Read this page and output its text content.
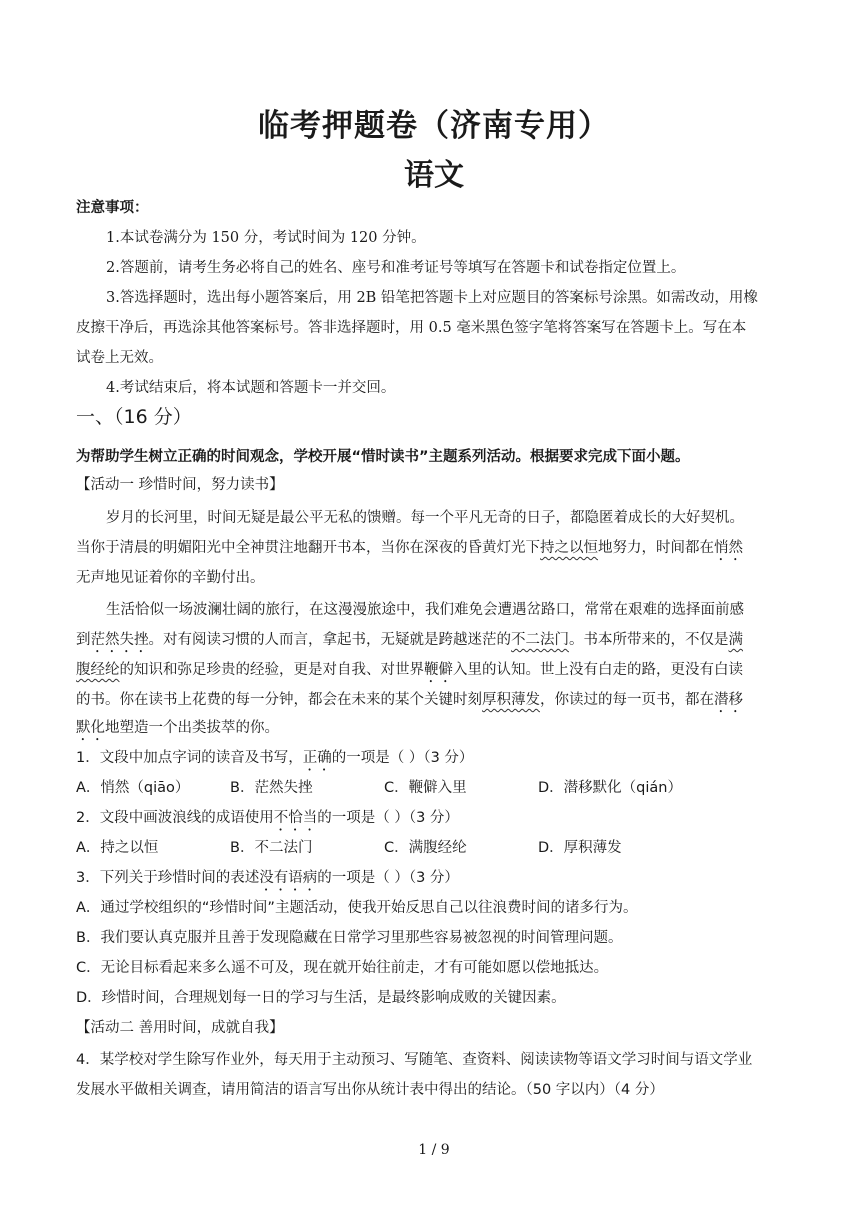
临考押题卷（济南专用）
语文
注意事项：
1.本试卷满分为 150 分，考试时间为 120 分钟。
2.答题前，请考生务必将自己的姓名、座号和准考证号等填写在答题卡和试卷指定位置上。
3.答选择题时，选出每小题答案后，用 2B 铅笔把答题卡上对应题目的答案标号涂黑。如需改动，用橡
皮擦干净后，再选涂其他答案标号。答非选择题时，用 0.5 毫米黑色签字笔将答案写在答题卡上。写在本
试卷上无效。
4.考试结束后，将本试题和答题卡一并交回。
一、（16 分）
为帮助学生树立正确的时间观念，学校开展“惜时读书”主题系列活动。根据要求完成下面小题。
【活动一 珍惜时间，努力读书】
岁月的长河里，时间无疑是最公平无私的馈赠。每一个平凡无奇的日子，都隐匿着成长的大好契机。
当你于清晨的明媚阳光中全神贯注地翻开书本，当你在深夜的昏黄灯光下持之以恒地努力，时间都在悄然
无声地见证着你的辛勤付出。
生活恰似一场波澜壮阔的旅行，在这漫漫旅途中，我们难免会遭遇岔路口，常常在艰难的选择面前感
到茫然失挫。对有阅读习惯的人而言，拿起书，无疑就是跨越迷茫的不二法门。书本所带来的，不仅是满
腹经纶的知识和弥足珍贵的经验，更是对自我、对世界鞭僻入里的认知。世上没有白走的路，更没有白读
的书。你在读书上花费的每一分钟，都会在未来的某个关键时刻厚积薄发，你读过的每一页书，都在潜移
默化地塑造一个出类拔萃的你。
1．文段中加点字词的读音及书写，正确的一项是（ ）（3 分）
A．悄然（qiāo）	B．茫然失挫	C．鞭僻入里	D．潜移默化（qián）
2．文段中画波浪线的成语使用不恰当的一项是（ ）（3 分）
A．持之以恒	B．不二法门	C．满腹经纶	D．厚积薄发
3．下列关于珍惜时间的表述没有语病的一项是（ ）（3 分）
A．通过学校组织的“珍惜时间”主题活动，使我开始反思自己以往浪费时间的诸多行为。
B．我们要认真克服并且善于发现隐藏在日常学习里那些容易被忽视的时间管理问题。
C．无论目标看起来多么遥不可及，现在就开始往前走，才有可能如愿以偿地抵达。
D．珍惜时间，合理规划每一日的学习与生活，是最终影响成败的关键因素。
【活动二 善用时间，成就自我】
4．某学校对学生除写作业外，每天用于主动预习、写随笔、查资料、阅读读物等语文学习时间与语文学业
发展水平做相关调查，请用简洁的语言写出你从统计表中得出的结论。（50 字以内）（4 分）
1 / 9
